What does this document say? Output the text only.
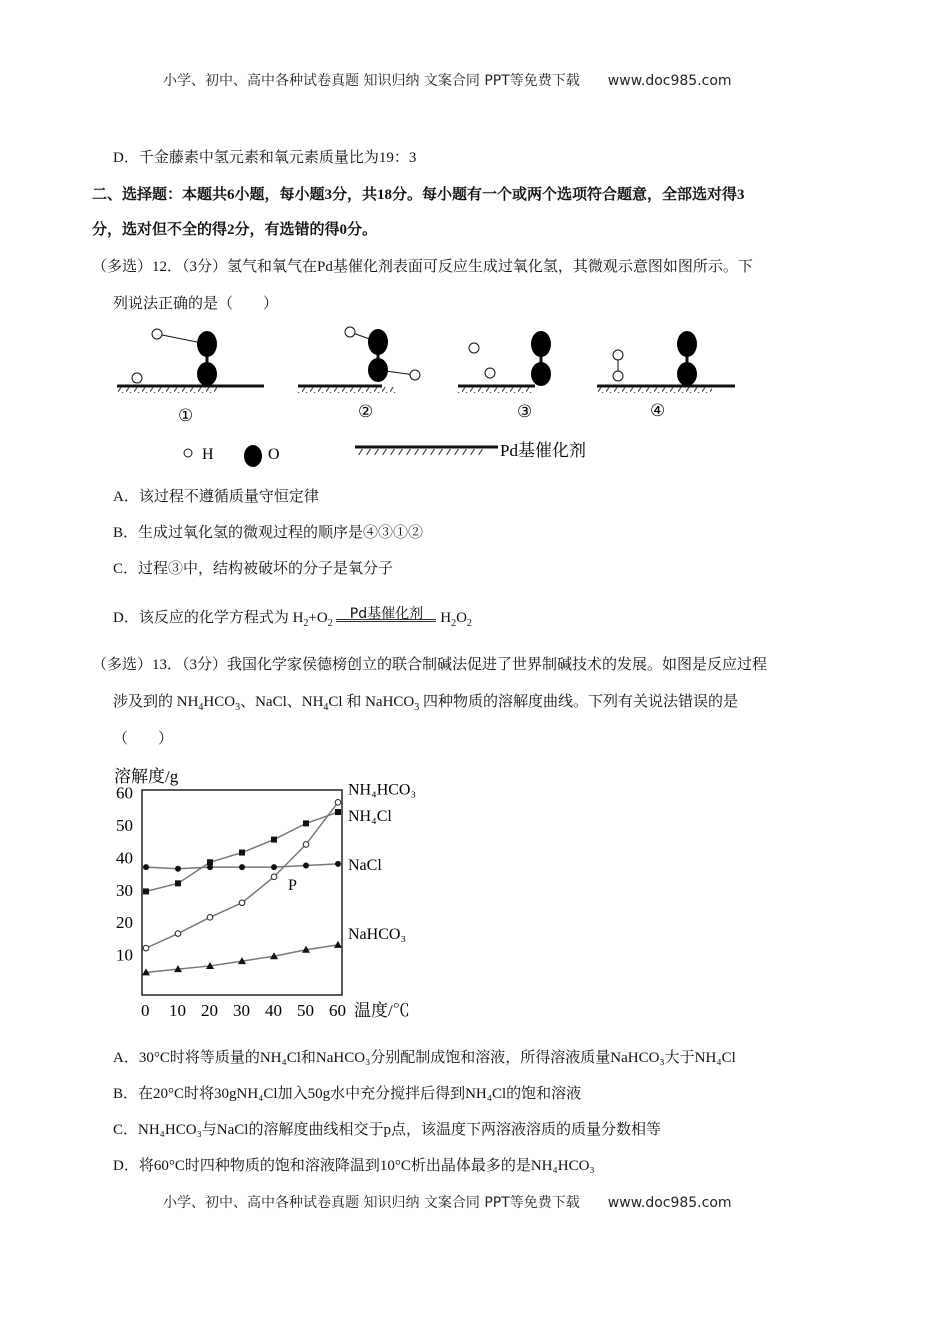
小学、初中、高中各种试卷真题 知识归纳 文案合同 PPT等免费下载 www.doc985.com
D．千金藤素中氢元素和氧元素质量比为19：3
二、选择题：本题共6小题，每小题3分，共18分。每小题有一个或两个选项符合题意，全部选对得3
分，选对但不全的得2分，有选错的得0分。
（多选）12．（3分）氢气和氧气在Pd基催化剂表面可反应生成过氧化氢，其微观示意图如图所示。下
列说法正确的是（　　）
①	②	③	④
H	O	Pd基催化剂
A．该过程不遵循质量守恒定律
B．生成过氧化氢的微观过程的顺序是④③①②
C．过程③中，结构被破坏的分子是氧分子
D．该反应的化学方程式为 $H_2+O_2$
Pd基催化剂 $H_2O_2$
（多选）13．（3分）我国化学家侯德榜创立的联合制碱法促进了世界制碱技术的发展。如图是反应过程
涉及到的 $NH_4HCO_3$、NaCl、$NH_4Cl$ 和 NaHCO$_3$ 四种物质的溶解度曲线。下列有关说法错误的是
（　　）
溶解度/g
温度/℃
P
0 10 20 30 40 50 60
10
20
30
40
50
60	NH₄HCO₃
NH₄Cl
NaCl
NaHCO₃
A．30°C时将等质量的NH₄Cl和NaHCO₃分别配制成饱和溶液，所得溶液质量NaHCO₃大于NH₄Cl
B．在20°C时将30gNH₄Cl加入50g水中充分搅拌后得到NH₄Cl的饱和溶液
C．NH₄HCO₃与NaCl的溶解度曲线相交于p点，该温度下两溶液溶质的质量分数相等
D．将60°C时四种物质的饱和溶液降温到10°C析出晶体最多的是NH₄HCO₃
小学、初中、高中各种试卷真题 知识归纳 文案合同 PPT等免费下载 www.doc985.com
